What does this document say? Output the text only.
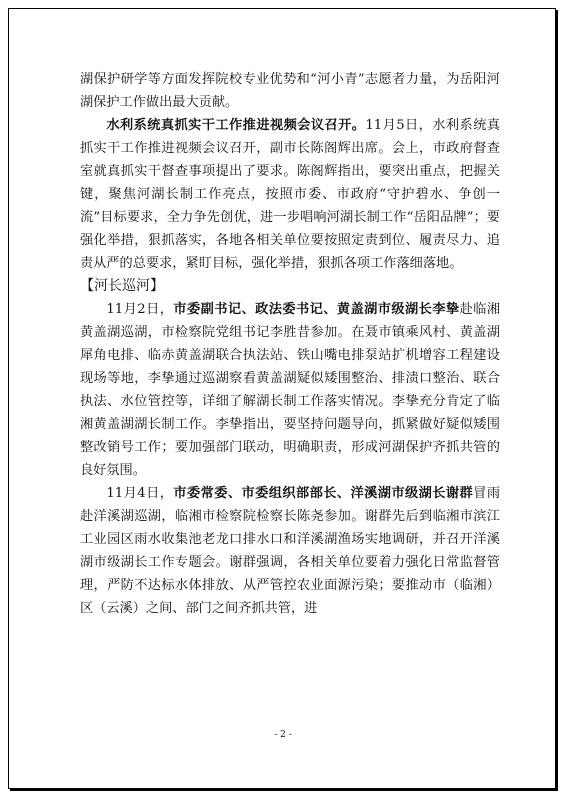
湖保护研学等方面发挥院校专业优势和“河小青”志愿者力量，为岳阳河湖保护工作做出最大贡献。

水利系统真抓实干工作推进视频会议召开。11月5日，水利系统真抓实干工作推进视频会议召开，副市长陈阁辉出席。会上，市政府督查室就真抓实干督查事项提出了要求。陈阁辉指出，要突出重点，把握关键，聚焦河湖长制工作亮点，按照市委、市政府“守护碧水、争创一流”目标要求，全力争先创优，进一步唱响河湖长制工作“岳阳品牌”；要强化举措，狠抓落实，各地各相关单位要按照定责到位、履责尽力、追责从严的总要求，紧盯目标，强化举措，狠抓各项工作落细落地。

【河长巡河】

11月2日，市委副书记、政法委书记、黄盖湖市级湖长李挚赴临湘黄盖湖巡湖，市检察院党组书记李胜昔参加。在聂市镇乘风村、黄盖湖犀角电排、临赤黄盖湖联合执法站、铁山嘴电排泵站扩机增容工程建设现场等地，李挚通过巡湖察看黄盖湖疑似矮围整治、排渍口整治、联合执法、水位管控等，详细了解湖长制工作落实情况。李挚充分肯定了临湘黄盖湖湖长制工作。李挚指出，要坚持问题导向，抓紧做好疑似矮围整改销号工作；要加强部门联动，明确职责，形成河湖保护齐抓共管的良好氛围。

11月4日，市委常委、市委组织部部长、洋溪湖市级湖长谢群冒雨赴洋溪湖巡湖，临湘市检察院检察长陈尧参加。谢群先后到临湘市滨江工业园区雨水收集池老龙口排水口和洋溪湖渔场实地调研，并召开洋溪湖市级湖长工作专题会。谢群强调，各相关单位要着力强化日常监督管理，严防不达标水体排放、从严管控农业面源污染；要推动市（临湘）区（云溪）之间、部门之间齐抓共管，进

- 2 -
